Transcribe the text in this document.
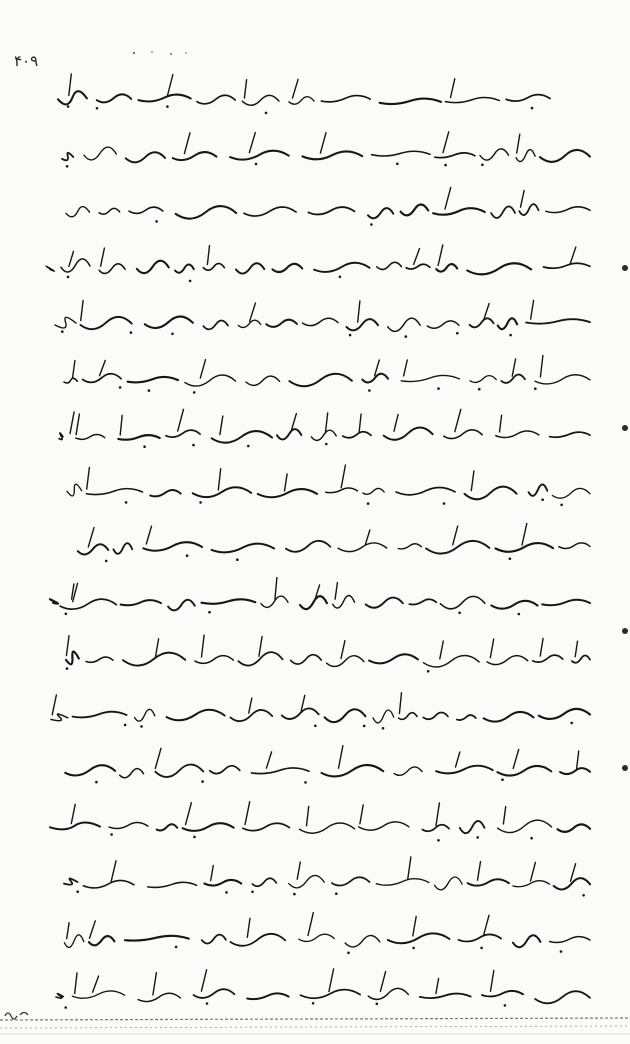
۴۰۹
